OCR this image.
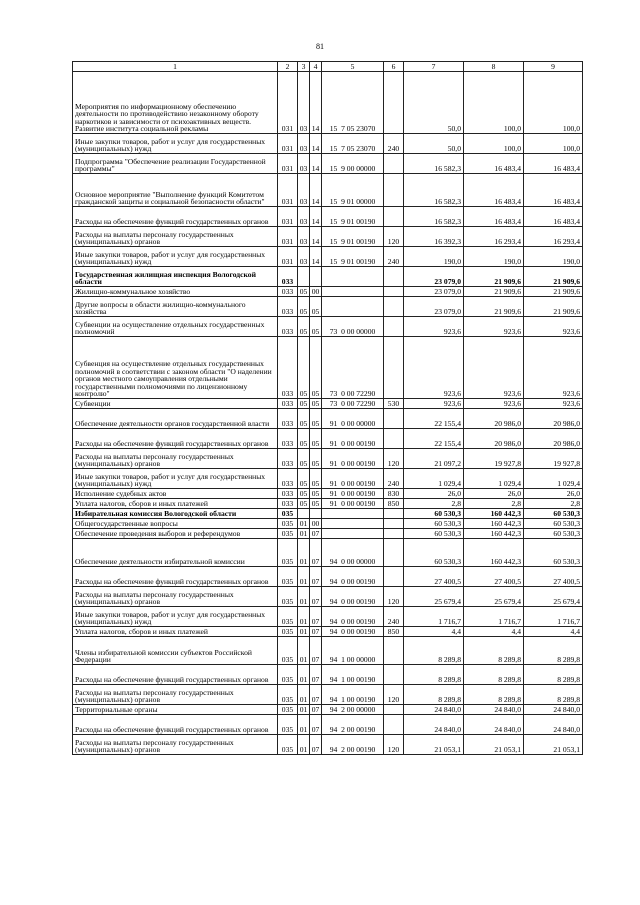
81
1	2	3	4	5	6	7	8	9
Мероприятия по информационному обеспечению деятельности по противодействию незаконному обороту наркотиков и зависимости от психоактивных веществ. Развитие института социальной рекламы	031	03	14	15  7 05 23070		50,0	100,0	100,0
Иные закупки товаров, работ и услуг для государственных (муниципальных) нужд	031	03	14	15  7 05 23070	240	50,0	100,0	100,0
Подпрограмма "Обеспечение реализации Государственной программы"	031	03	14	15  9 00 00000		16 582,3	16 483,4	16 483,4
Основное мероприятие "Выполнение функций Комитетом гражданской защиты и социальной безопасности области"	031	03	14	15  9 01 00000		16 582,3	16 483,4	16 483,4
Расходы на обеспечение функций государственных органов	031	03	14	15  9 01 00190		16 582,3	16 483,4	16 483,4
Расходы на выплаты персоналу государственных (муниципальных) органов	031	03	14	15  9 01 00190	120	16 392,3	16 293,4	16 293,4
Иные закупки товаров, работ и услуг для государственных (муниципальных) нужд	031	03	14	15  9 01 00190	240	190,0	190,0	190,0
Государственная жилищная инспекция Вологодской области	033					23 079,0	21 909,6	21 909,6
Жилищно-коммунальное хозяйство	033	05	00			23 079,0	21 909,6	21 909,6
Другие вопросы в области жилищно-коммунального хозяйства	033	05	05			23 079,0	21 909,6	21 909,6
Субвенции на осуществление отдельных государственных полномочий	033	05	05	73  0 00 00000		923,6	923,6	923,6
Субвенция на осуществление отдельных государственных полномочий в соответствии с законом области "О наделении органов местного самоуправления отдельными государственными полномочиями по лицензионному контролю"	033	05	05	73  0 00 72290		923,6	923,6	923,6
Субвенции	033	05	05	73  0 00 72290	530	923,6	923,6	923,6
Обеспечение деятельности органов государственной власти	033	05	05	91  0 00 00000		22 155,4	20 986,0	20 986,0
Расходы на обеспечение функций государственных органов	033	05	05	91  0 00 00190		22 155,4	20 986,0	20 986,0
Расходы на выплаты персоналу государственных (муниципальных) органов	033	05	05	91  0 00 00190	120	21 097,2	19 927,8	19 927,8
Иные закупки товаров, работ и услуг для государственных (муниципальных) нужд	033	05	05	91  0 00 00190	240	1 029,4	1 029,4	1 029,4
Исполнение судебных актов	033	05	05	91  0 00 00190	830	26,0	26,0	26,0
Уплата налогов, сборов и иных платежей	033	05	05	91  0 00 00190	850	2,8	2,8	2,8
Избирательная комиссия Вологодской области	035					60 530,3	160 442,3	60 530,3
Общегосударственные вопросы	035	01	00			60 530,3	160 442,3	60 530,3
Обеспечение проведения выборов и референдумов	035	01	07			60 530,3	160 442,3	60 530,3
Обеспечение деятельности избирательной комиссии	035	01	07	94  0 00 00000		60 530,3	160 442,3	60 530,3
Расходы на обеспечение функций государственных органов	035	01	07	94  0 00 00190		27 400,5	27 400,5	27 400,5
Расходы на выплаты персоналу государственных (муниципальных) органов	035	01	07	94  0 00 00190	120	25 679,4	25 679,4	25 679,4
Иные закупки товаров, работ и услуг для государственных (муниципальных) нужд	035	01	07	94  0 00 00190	240	1 716,7	1 716,7	1 716,7
Уплата налогов, сборов и иных платежей	035	01	07	94  0 00 00190	850	4,4	4,4	4,4
Члены избирательной комиссии субъектов Российской Федерации	035	01	07	94  1 00 00000		8 289,8	8 289,8	8 289,8
Расходы на обеспечение функций государственных органов	035	01	07	94  1 00 00190		8 289,8	8 289,8	8 289,8
Расходы на выплаты персоналу государственных (муниципальных) органов	035	01	07	94  1 00 00190	120	8 289,8	8 289,8	8 289,8
Территориальные органы	035	01	07	94  2 00 00000		24 840,0	24 840,0	24 840,0
Расходы на обеспечение функций государственных органов	035	01	07	94  2 00 00190		24 840,0	24 840,0	24 840,0
Расходы на выплаты персоналу государственных (муниципальных) органов	035	01	07	94  2 00 00190	120	21 053,1	21 053,1	21 053,1
